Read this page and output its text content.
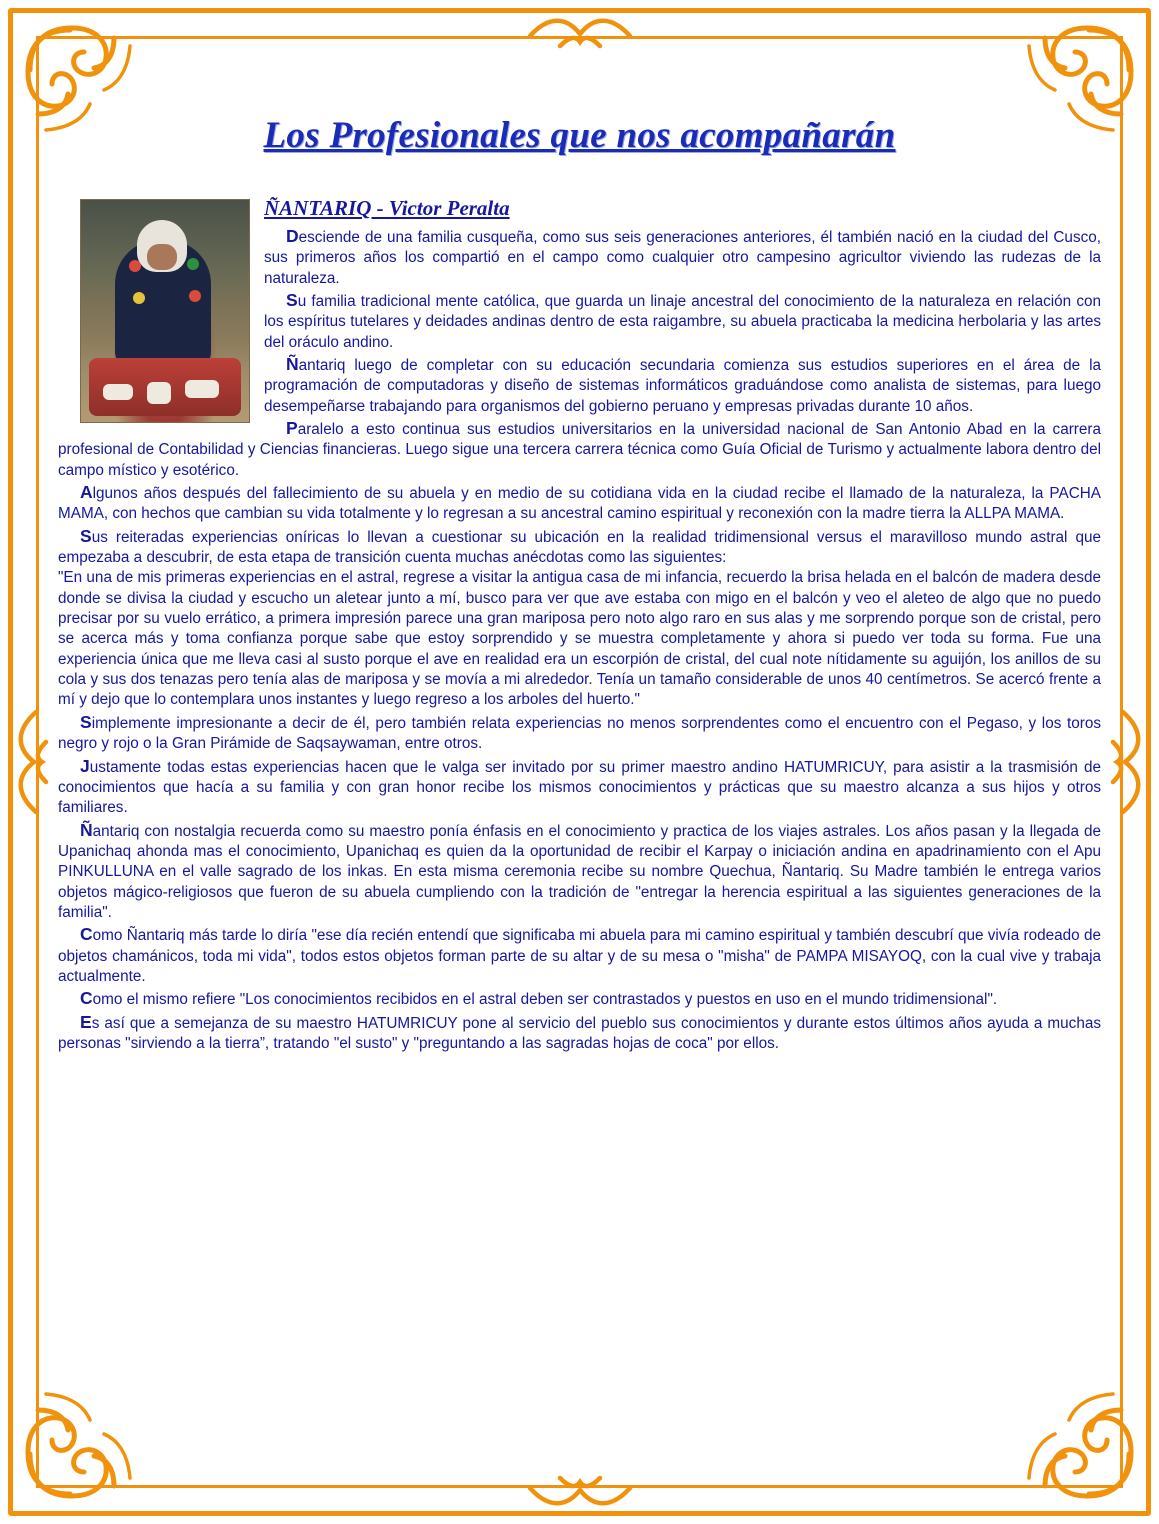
Los Profesionales que nos acompañarán
ÑANTARIQ - Victor Peralta

Desciende de una familia cusqueña, como sus seis generaciones anteriores, él también nació en la ciudad del Cusco, sus primeros años los compartió en el campo como cualquier otro campesino agricultor viviendo las rudezas de la naturaleza.

Su familia tradicional mente católica, que guarda un linaje ancestral del conocimiento de la naturaleza en relación con los espíritus tutelares y deidades andinas dentro de esta raigambre, su abuela practicaba la medicina herbolaria y las artes del oráculo andino.

Ñantariq luego de completar con su educación secundaria comienza sus estudios superiores en el área de la programación de computadoras y diseño de sistemas informáticos graduándose como analista de sistemas, para luego desempeñarse trabajando para organismos del gobierno peruano y empresas privadas durante 10 años.

Paralelo a esto continua sus estudios universitarios en la universidad nacional de San Antonio Abad en la carrera profesional de Contabilidad y Ciencias financieras. Luego sigue una tercera carrera técnica como Guía Oficial de Turismo y actualmente labora dentro del campo místico y esotérico.

Algunos años después del fallecimiento de su abuela y en medio de su cotidiana vida en la ciudad recibe el llamado de la naturaleza, la PACHA MAMA, con hechos que cambian su vida totalmente y lo regresan a su ancestral camino espiritual y reconexión con la madre tierra la ALLPA MAMA.

Sus reiteradas experiencias oníricas lo llevan a cuestionar su ubicación en la realidad tridimensional versus el maravilloso mundo astral que empezaba a descubrir, de esta etapa de transición cuenta muchas anécdotas como las siguientes:

"En una de mis primeras experiencias en el astral, regrese a visitar la antigua casa de mi infancia, recuerdo la brisa helada en el balcón de madera desde donde se divisa la ciudad y escucho un aletear junto a mí, busco para ver que ave estaba con migo en el balcón y veo el aleteo de algo que no puedo precisar por su vuelo errático, a primera impresión parece una gran mariposa pero noto algo raro en sus alas y me sorprendo porque son de cristal, pero se acerca más y toma confianza porque sabe que estoy sorprendido y se muestra completamente y ahora si puedo ver toda su forma. Fue una experiencia única que me lleva casi al susto porque el ave en realidad era un escorpión de cristal, del cual note nítidamente su aguijón, los anillos de su cola y sus dos tenazas pero tenía alas de mariposa y se movía a mi alrededor. Tenía un tamaño considerable de unos 40 centímetros. Se acercó frente a mí y dejo que lo contemplara unos instantes y luego regreso a los arboles del huerto."

Simplemente impresionante a decir de él, pero también relata experiencias no menos sorprendentes como el encuentro con el Pegaso, y los toros negro y rojo o la Gran Pirámide de Saqsaywaman, entre otros.

Justamente todas estas experiencias hacen que le valga ser invitado por su primer maestro andino HATUMRICUY, para asistir a la trasmisión de conocimientos que hacía a su familia y con gran honor recibe los mismos conocimientos y prácticas que su maestro alcanza a sus hijos y otros familiares.

Ñantariq con nostalgia recuerda como su maestro ponía énfasis en el conocimiento y practica de los viajes astrales. Los años pasan y la llegada de Upanichaq ahonda mas el conocimiento, Upanichaq es quien da la oportunidad de recibir el Karpay o iniciación andina en apadrinamiento con el Apu PINKULLUNA en el valle sagrado de los inkas. En esta misma ceremonia recibe su nombre Quechua, Ñantariq. Su Madre también le entrega varios objetos mágico-religiosos que fueron de su abuela cumpliendo con la tradición de "entregar la herencia espiritual a las siguientes generaciones de la familia".

Como Ñantariq más tarde lo diría "ese día recién entendí que significaba mi abuela para mi camino espiritual y también descubrí que vivía rodeado de objetos chamánicos, toda mi vida", todos estos objetos forman parte de su altar y de su mesa o "misha" de PAMPA MISAYOQ, con la cual vive y trabaja actualmente.

Como el mismo refiere "Los conocimientos recibidos en el astral deben ser contrastados y puestos en uso en el mundo tridimensional".

Es así que a semejanza de su maestro HATUMRICUY pone al servicio del pueblo sus conocimientos y durante estos últimos años ayuda a muchas personas "sirviendo a la tierra”, tratando "el susto" y "preguntando a las sagradas hojas de coca" por ellos.
